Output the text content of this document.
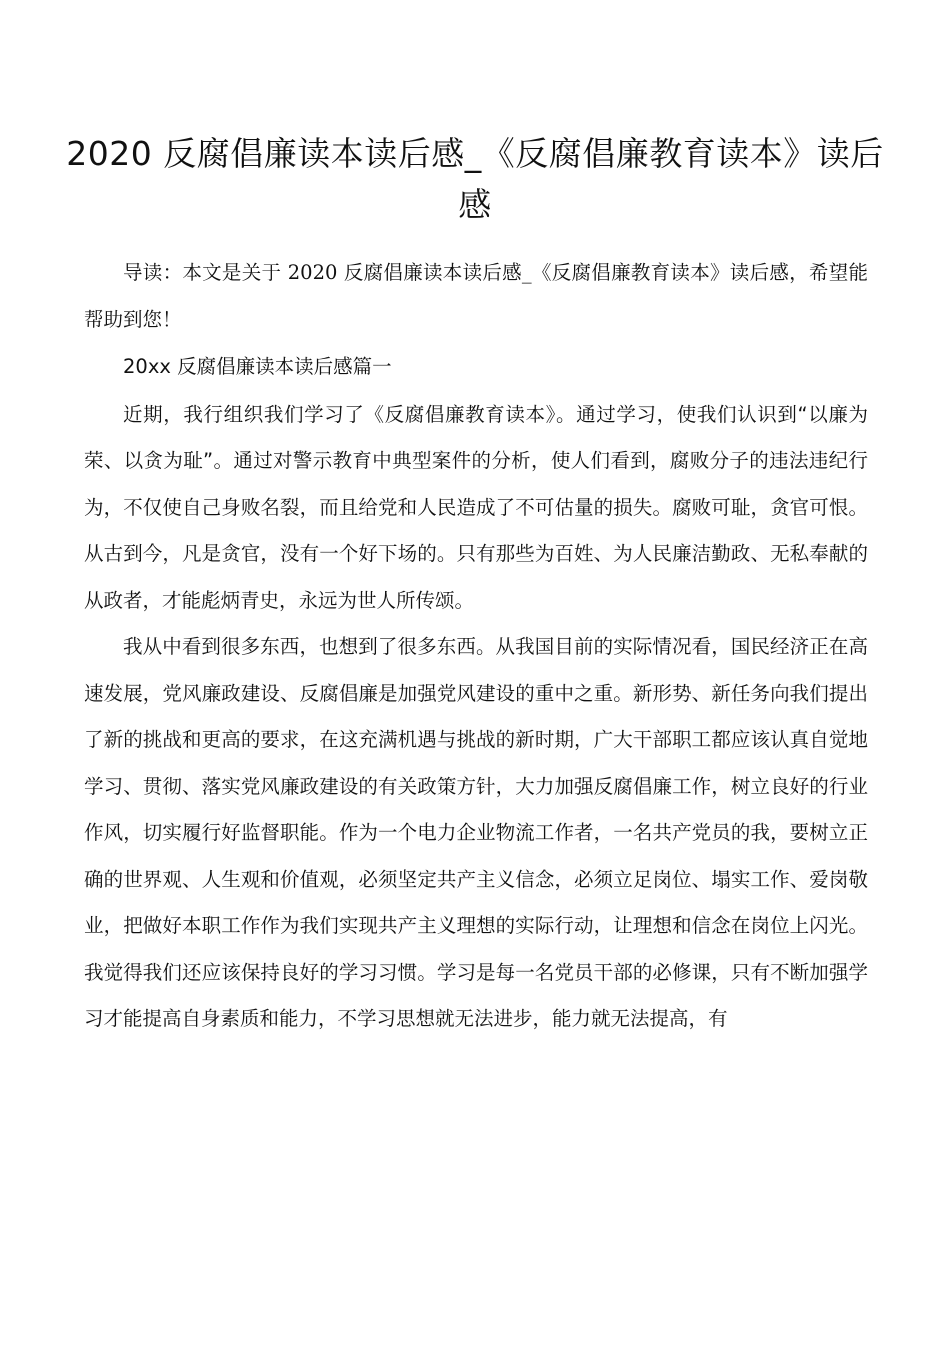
2020 反腐倡廉读本读后感_《反腐倡廉教育读本》读后感

导读：本文是关于 2020 反腐倡廉读本读后感_《反腐倡廉教育读本》读后感，希望能帮助到您！

20xx 反腐倡廉读本读后感篇一

近期，我行组织我们学习了《反腐倡廉教育读本》。通过学习，使我们认识到“以廉为荣、以贪为耻”。通过对警示教育中典型案件的分析，使人们看到，腐败分子的违法违纪行为，不仅使自己身败名裂，而且给党和人民造成了不可估量的损失。腐败可耻，贪官可恨。从古到今，凡是贪官，没有一个好下场的。只有那些为百姓、为人民廉洁勤政、无私奉献的从政者，才能彪炳青史，永远为世人所传颂。

我从中看到很多东西，也想到了很多东西。从我国目前的实际情况看，国民经济正在高速发展，党风廉政建设、反腐倡廉是加强党风建设的重中之重。新形势、新任务向我们提出了新的挑战和更高的要求，在这充满机遇与挑战的新时期，广大干部职工都应该认真自觉地学习、贯彻、落实党风廉政建设的有关政策方针，大力加强反腐倡廉工作，树立良好的行业作风，切实履行好监督职能。作为一个电力企业物流工作者，一名共产党员的我，要树立正确的世界观、人生观和价值观，必须坚定共产主义信念，必须立足岗位、塌实工作、爱岗敬业，把做好本职工作作为我们实现共产主义理想的实际行动，让理想和信念在岗位上闪光。我觉得我们还应该保持良好的学习习惯。学习是每一名党员干部的必修课，只有不断加强学习才能提高自身素质和能力，不学习思想就无法进步，能力就无法提高，有
